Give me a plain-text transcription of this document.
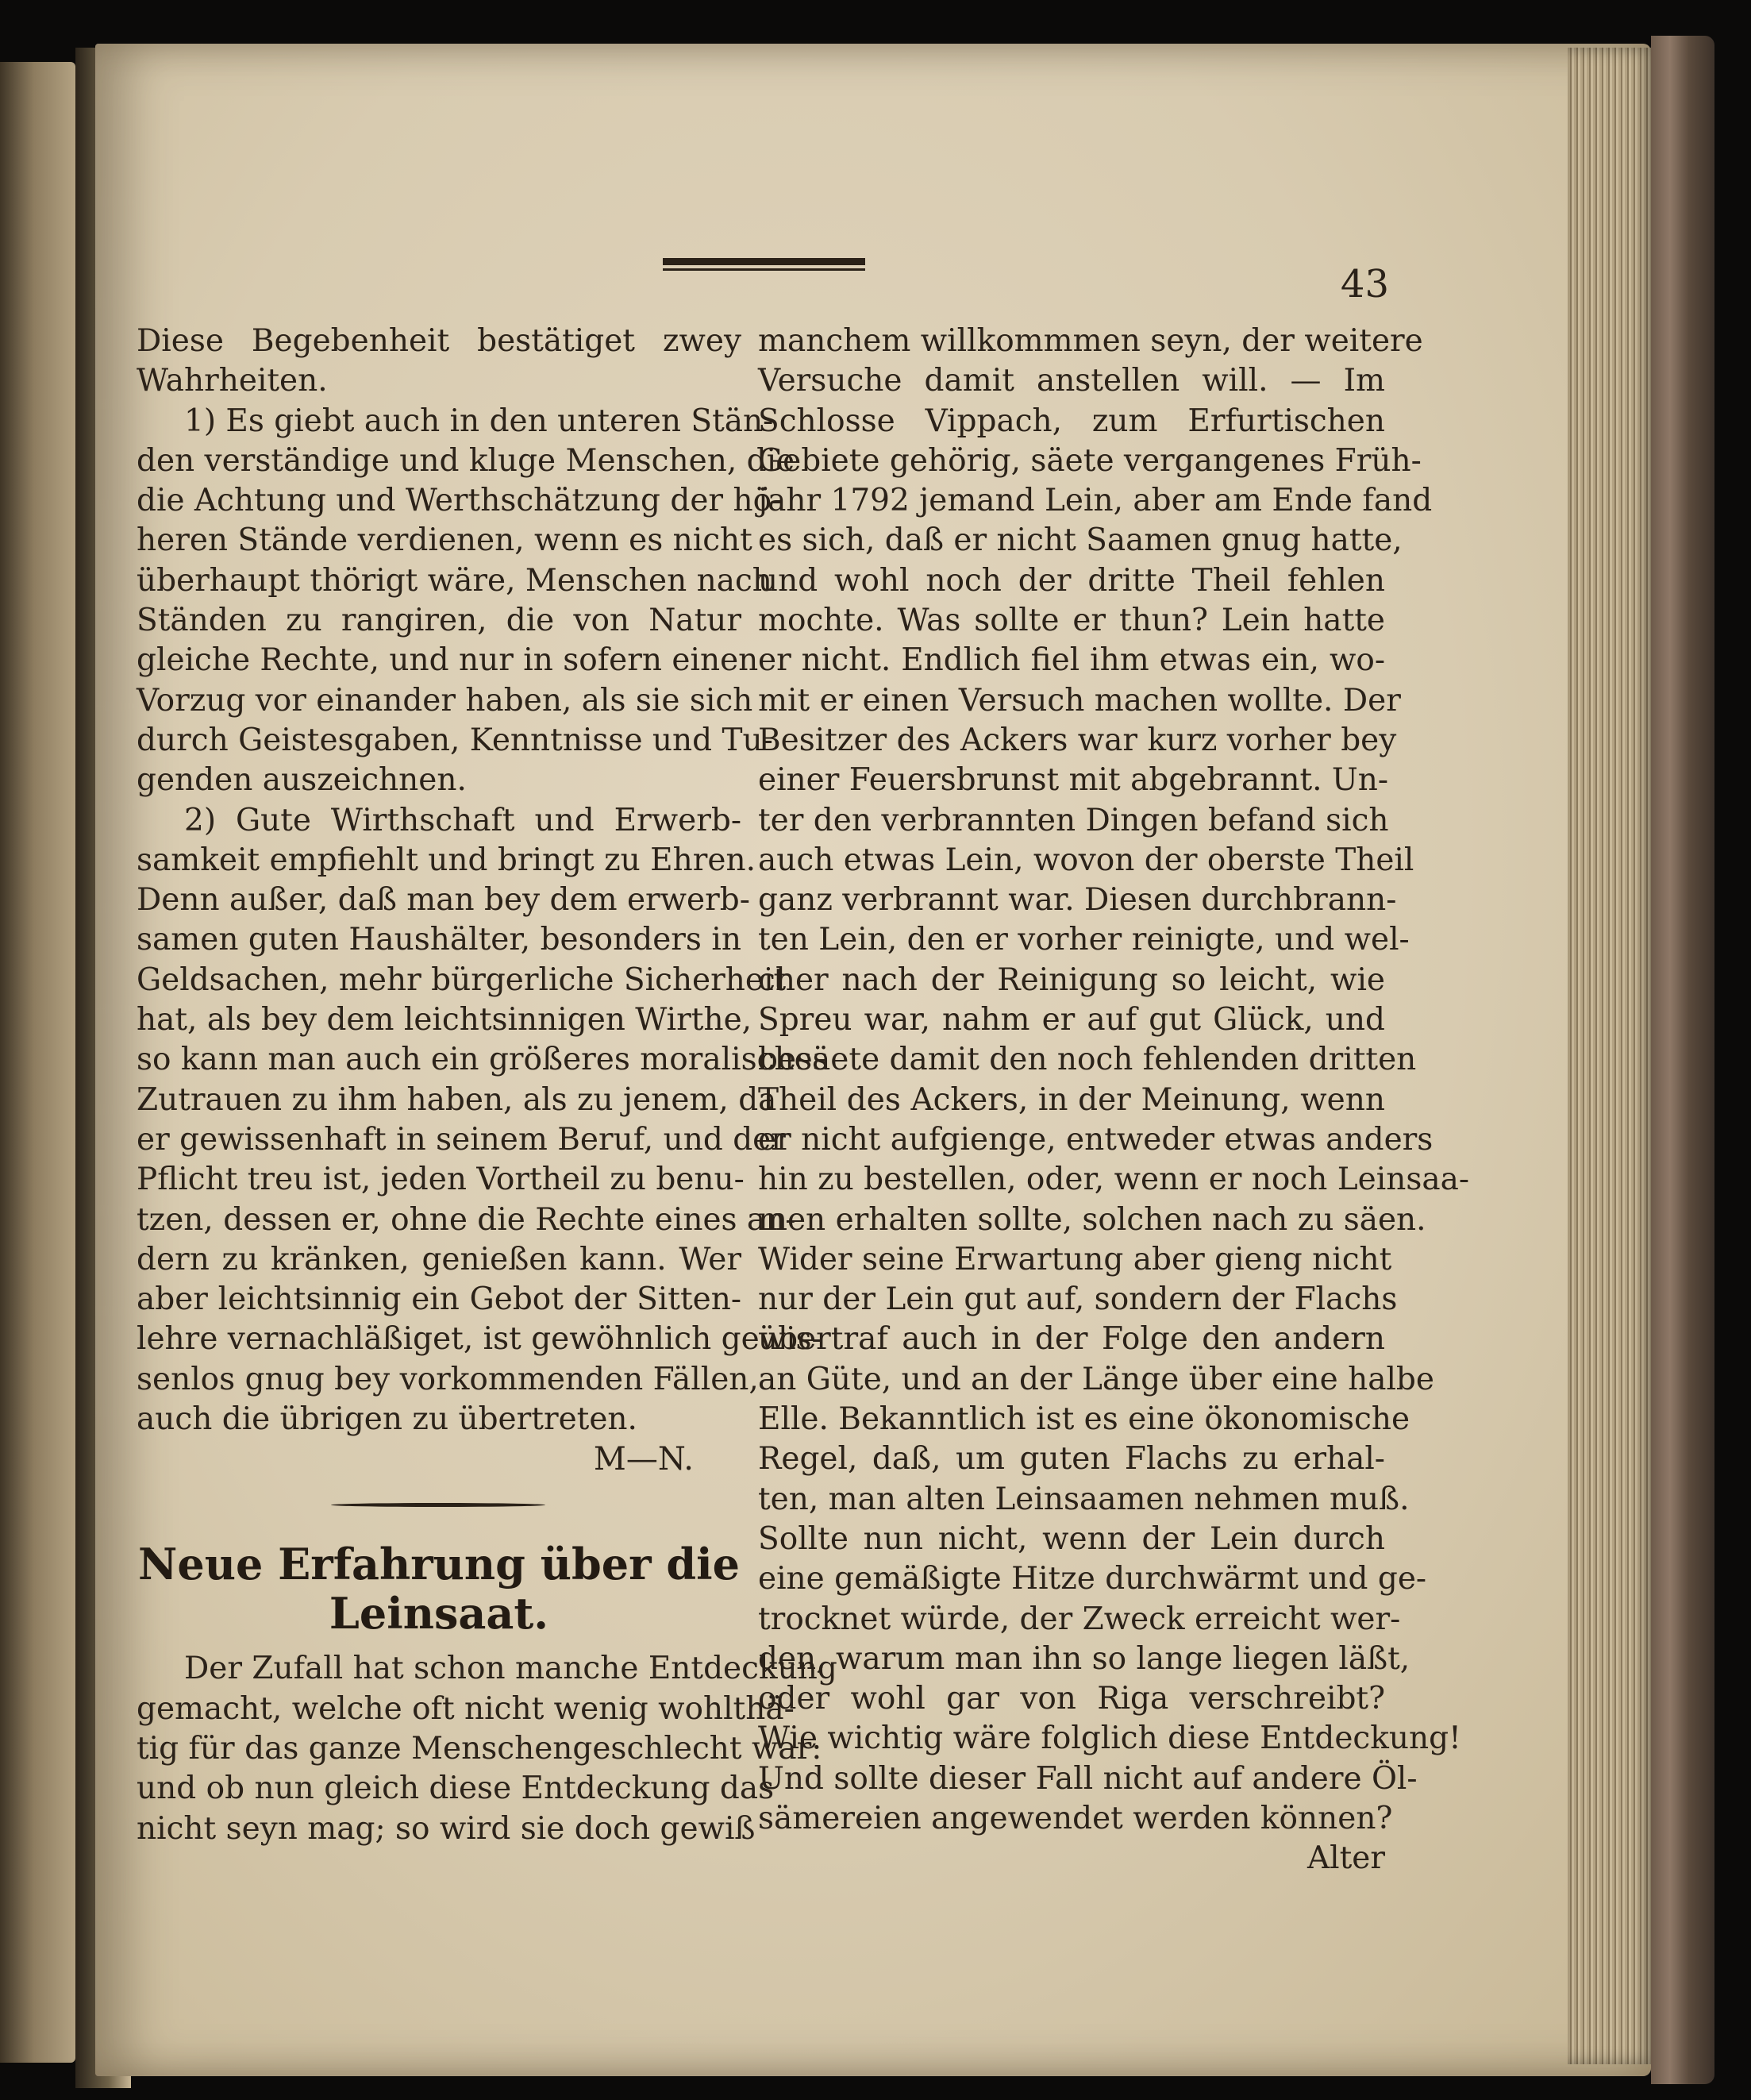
43
Diese Begebenheit bestätiget zwey
Wahrheiten.
1) Es giebt auch in den unteren Stän-
den verständige und kluge Menschen, die
die Achtung und Werthschätzung der hö-
heren Stände verdienen, wenn es nicht
überhaupt thörigt wäre, Menschen nach
Ständen zu rangiren, die von Natur
gleiche Rechte, und nur in sofern einen
Vorzug vor einander haben, als sie sich
durch Geistesgaben, Kenntnisse und Tu-
genden auszeichnen.
2) Gute Wirthschaft und Erwerb-
samkeit empfiehlt und bringt zu Ehren.
Denn außer, daß man bey dem erwerb-
samen guten Haushälter, besonders in
Geldsachen, mehr bürgerliche Sicherheit
hat, als bey dem leichtsinnigen Wirthe,
so kann man auch ein größeres moralisches
Zutrauen zu ihm haben, als zu jenem, da
er gewissenhaft in seinem Beruf, und der
Pflicht treu ist, jeden Vortheil zu benu-
tzen, dessen er, ohne die Rechte eines an-
dern zu kränken, genießen kann. Wer
aber leichtsinnig ein Gebot der Sitten-
lehre vernachläßiget, ist gewöhnlich gewis-
senlos gnug bey vorkommenden Fällen,
auch die übrigen zu übertreten.
M—N.
Neue Erfahrung über die
Leinsaat.
Der Zufall hat schon manche Entdeckung
gemacht, welche oft nicht wenig wohlthä-
tig für das ganze Menschengeschlecht war:
und ob nun gleich diese Entdeckung das
nicht seyn mag; so wird sie doch gewiß
manchem willkommmen seyn, der weitere
Versuche damit anstellen will. — Im
Schlosse Vippach, zum Erfurtischen
Gebiete gehörig, säete vergangenes Früh-
jahr 1792 jemand Lein, aber am Ende fand
es sich, daß er nicht Saamen gnug hatte,
und wohl noch der dritte Theil fehlen
mochte. Was sollte er thun? Lein hatte
er nicht. Endlich fiel ihm etwas ein, wo-
mit er einen Versuch machen wollte. Der
Besitzer des Ackers war kurz vorher bey
einer Feuersbrunst mit abgebrannt. Un-
ter den verbrannten Dingen befand sich
auch etwas Lein, wovon der oberste Theil
ganz verbrannt war. Diesen durchbrann-
ten Lein, den er vorher reinigte, und wel-
cher nach der Reinigung so leicht, wie
Spreu war, nahm er auf gut Glück, und
besäete damit den noch fehlenden dritten
Theil des Ackers, in der Meinung, wenn
er nicht aufgienge, entweder etwas anders
hin zu bestellen, oder, wenn er noch Leinsaa-
men erhalten sollte, solchen nach zu säen.
Wider seine Erwartung aber gieng nicht
nur der Lein gut auf, sondern der Flachs
übertraf auch in der Folge den andern
an Güte, und an der Länge über eine halbe
Elle. Bekanntlich ist es eine ökonomische
Regel, daß, um guten Flachs zu erhal-
ten, man alten Leinsaamen nehmen muß.
Sollte nun nicht, wenn der Lein durch
eine gemäßigte Hitze durchwärmt und ge-
trocknet würde, der Zweck erreicht wer-
den, warum man ihn so lange liegen läßt,
oder wohl gar von Riga verschreibt?
Wie wichtig wäre folglich diese Entdeckung!
Und sollte dieser Fall nicht auf andere Öl-
sämereien angewendet werden können?
Alter
